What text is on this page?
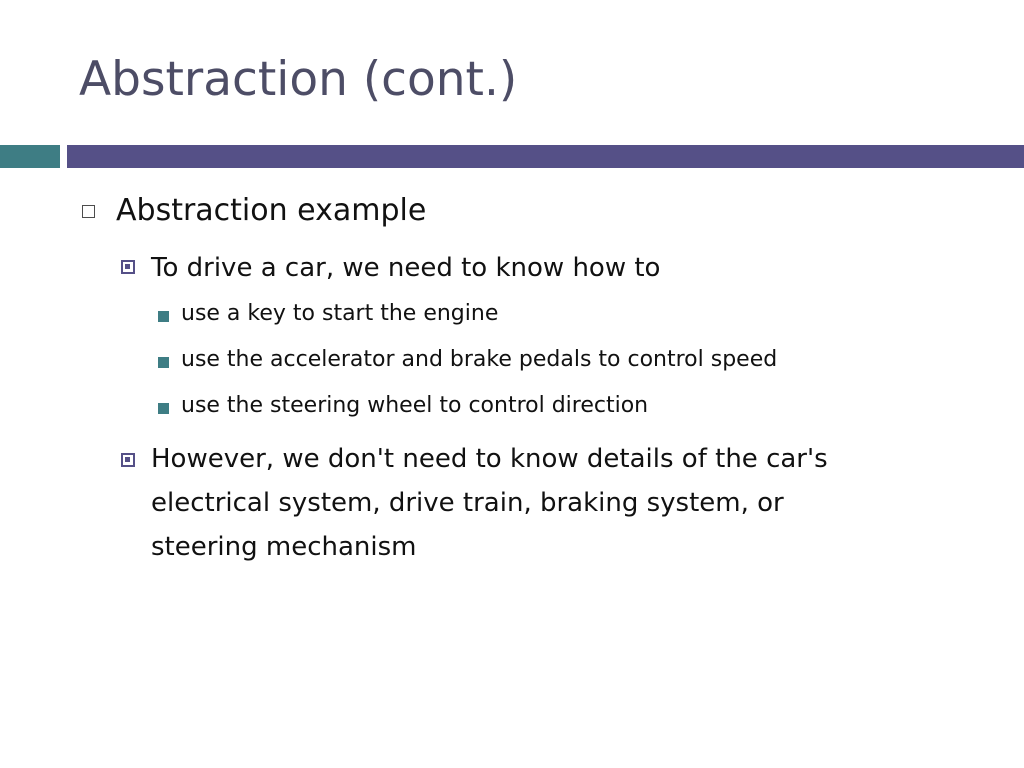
Abstraction (cont.)
Abstraction example
To drive a car, we need to know how to
use a key to start the engine
use the accelerator and brake pedals to control speed
use the steering wheel to control direction
However, we don't need to know details of the car's
electrical system, drive train, braking system, or
steering mechanism
